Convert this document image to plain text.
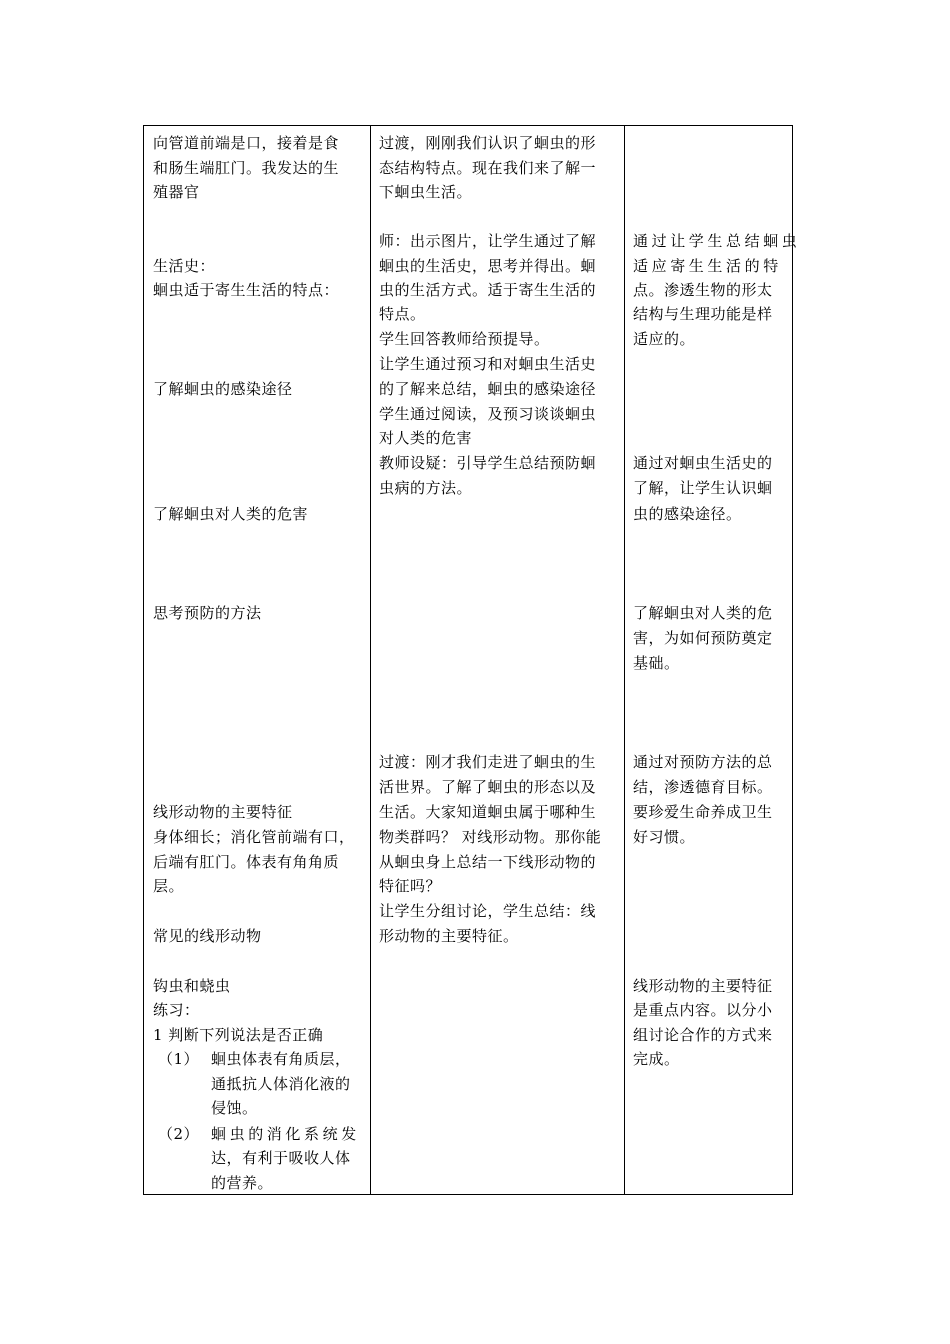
向管道前端是口，接着是食

和肠生端肛门。我发达的生

殖器官

生活史：

蛔虫适于寄生生活的特点：

了解蛔虫的感染途径

了解蛔虫对人类的危害

思考预防的方法

线形动物的主要特征

身体细长；消化管前端有口，

后端有肛门。体表有角角质

层。

常见的线形动物

钩虫和蛲虫

练习：

1 判断下列说法是否正确

（1） 蛔虫体表有角质层，

通抵抗人体消化液的

侵蚀。

（2） 蛔虫的消化系统发

达，有利于吸收人体

的营养。

过渡，刚刚我们认识了蛔虫的形

态结构特点。现在我们来了解一

下蛔虫生活。

师：出示图片，让学生通过了解

蛔虫的生活史，思考并得出。蛔

虫的生活方式。适于寄生生活的

特点。

学生回答教师给预提导。

让学生通过预习和对蛔虫生活史

的了解来总结，蛔虫的感染途径

学生通过阅读，及预习谈谈蛔虫

对人类的危害

教师设疑：引导学生总结预防蛔

虫病的方法。

过渡：刚才我们走进了蛔虫的生

活世界。了解了蛔虫的形态以及

生活。大家知道蛔虫属于哪种生

物类群吗？ 对线形动物。那你能

从蛔虫身上总结一下线形动物的

特征吗？

让学生分组讨论，学生总结：线

形动物的主要特征。

通过让学生总结蛔虫

适应寄生生活的特

点。渗透生物的形太

结构与生理功能是样

适应的。

通过对蛔虫生活史的

了解，让学生认识蛔

虫的感染途径。

了解蛔虫对人类的危

害，为如何预防奠定

基础。

通过对预防方法的总

结，渗透德育目标。

要珍爱生命养成卫生

好习惯。

线形动物的主要特征

是重点内容。以分小

组讨论合作的方式来

完成。
